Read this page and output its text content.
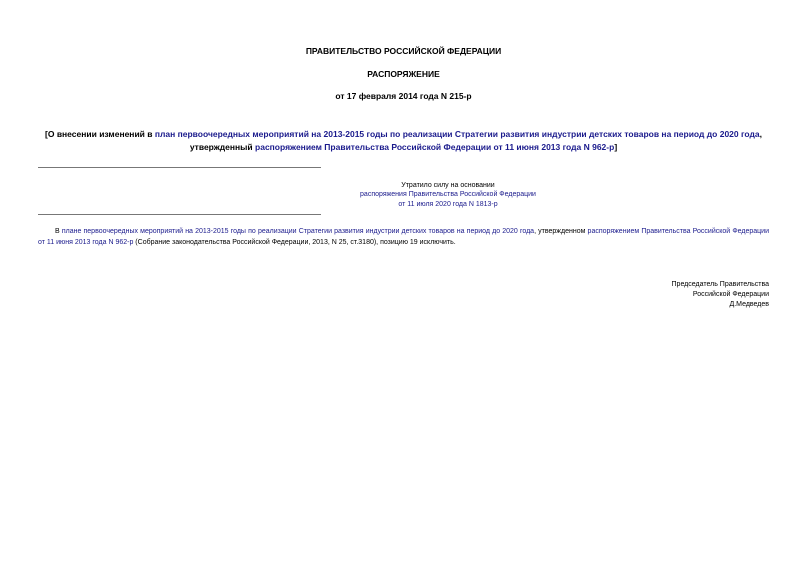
ПРАВИТЕЛЬСТВО РОССИЙСКОЙ ФЕДЕРАЦИИ
РАСПОРЯЖЕНИЕ
от 17 февраля 2014 года N 215-р
[О внесении изменений в план первоочередных мероприятий на 2013-2015 годы по реализации Стратегии развития индустрии детских товаров на период до 2020 года, утвержденный распоряжением Правительства Российской Федерации от 11 июня 2013 года N 962-р]
Утратило силу на основании
распоряжения Правительства Российской Федерации
от 11 июля 2020 года N 1813-р
В плане первоочередных мероприятий на 2013-2015 годы по реализации Стратегии развития индустрии детских товаров на период до 2020 года, утвержденном распоряжением Правительства Российской Федерации от 11 июня 2013 года N 962-р (Собрание законодательства Российской Федерации, 2013, N 25, ст.3180), позицию 19 исключить.
Председатель Правительства
Российской Федерации
Д.Медведев
